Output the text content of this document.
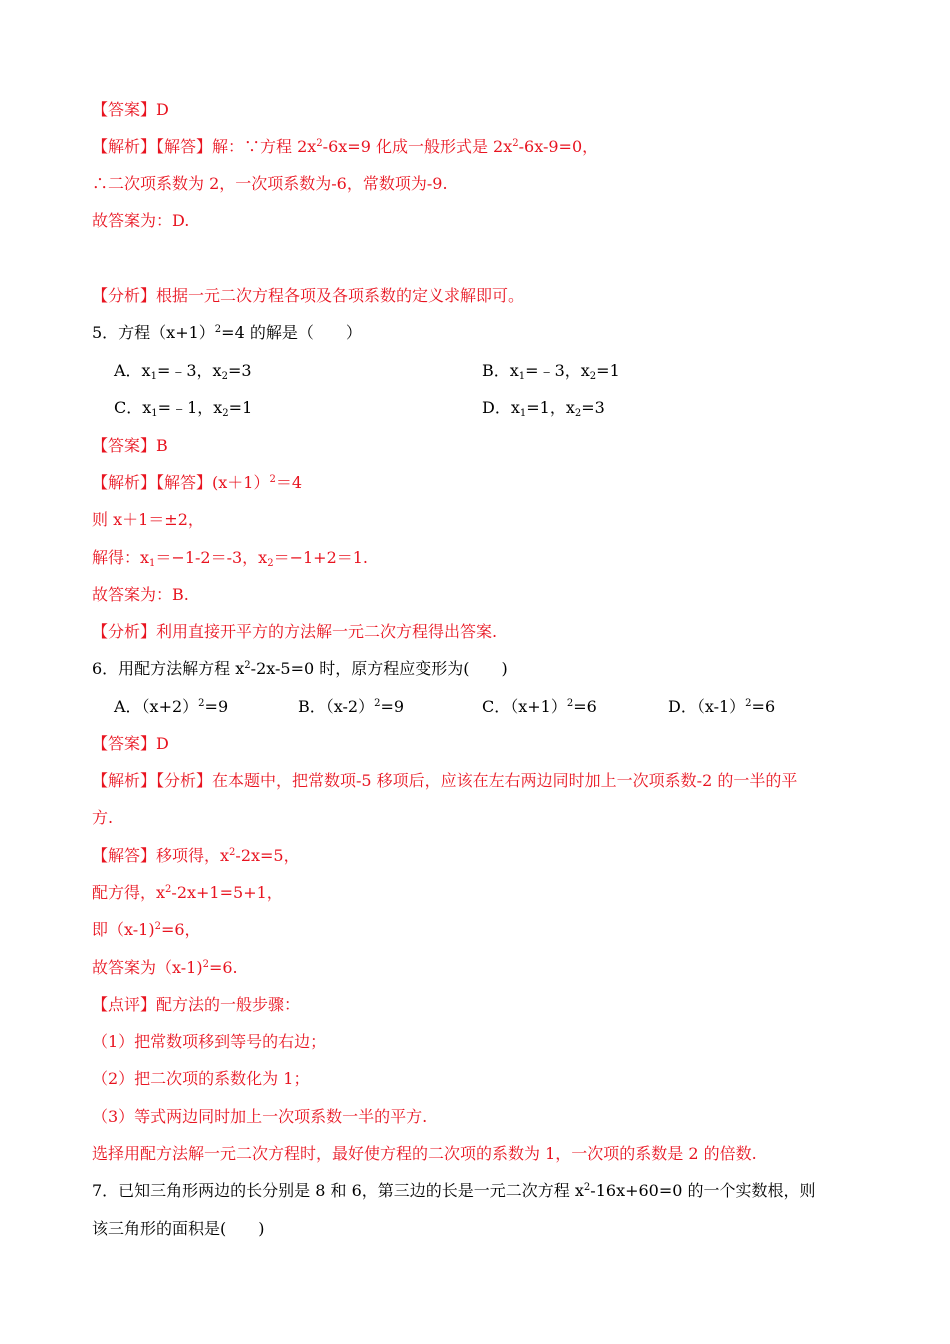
【答案】D
【解析】【解答】解：∵方程 $2x^2-6x=9$ 化成一般形式是 $2x^2-6x-9=0$，
∴二次项系数为 2，一次项系数为-6，常数项为-9.
故答案为：D.
【分析】根据一元二次方程各项及各项系数的定义求解即可。
5．方程$(x+1)^2=4$ 的解是（　　）
A．$x_1=﹣3$，$x_2=3$	B．$x_1=﹣3$，$x_2=1$
C．$x_1=﹣1$，$x_2=1$	D．$x_1=1$，$x_2=3$
【答案】B
【解析】【解答】(x＋1）$^2$＝4
则 x＋1＝±2，
解得：$x_1=-1-2=-3$，$x_2=-1+2=1$.
故答案为：B.
【分析】利用直接开平方的方法解一元二次方程得出答案.
6．用配方法解方程 $x^2-2x-5=0$ 时，原方程应变形为(　　)
A．$(x+2)^2=9$	B．$(x-2)^2=9$	C．$(x+1)^2=6$	D．$(x-1)^2=6$
【答案】D
【解析】【分析】在本题中，把常数项-5 移项后，应该在左右两边同时加上一次项系数-2 的一半的平
方.
【解答】移项得，$x^2-2x=5$，
配方得，$x^2-2x+1=5+1$，
即（x-1)$^2$=6，
故答案为（x-1)$^2$=6.
【点评】配方法的一般步骤：
（1）把常数项移到等号的右边；
（2）把二次项的系数化为 1；
（3）等式两边同时加上一次项系数一半的平方.
选择用配方法解一元二次方程时，最好使方程的二次项的系数为 1，一次项的系数是 2 的倍数.
7．已知三角形两边的长分别是 8 和 6，第三边的长是一元二次方程 $x^2-16x+60=0$ 的一个实数根，则
该三角形的面积是(　　)
